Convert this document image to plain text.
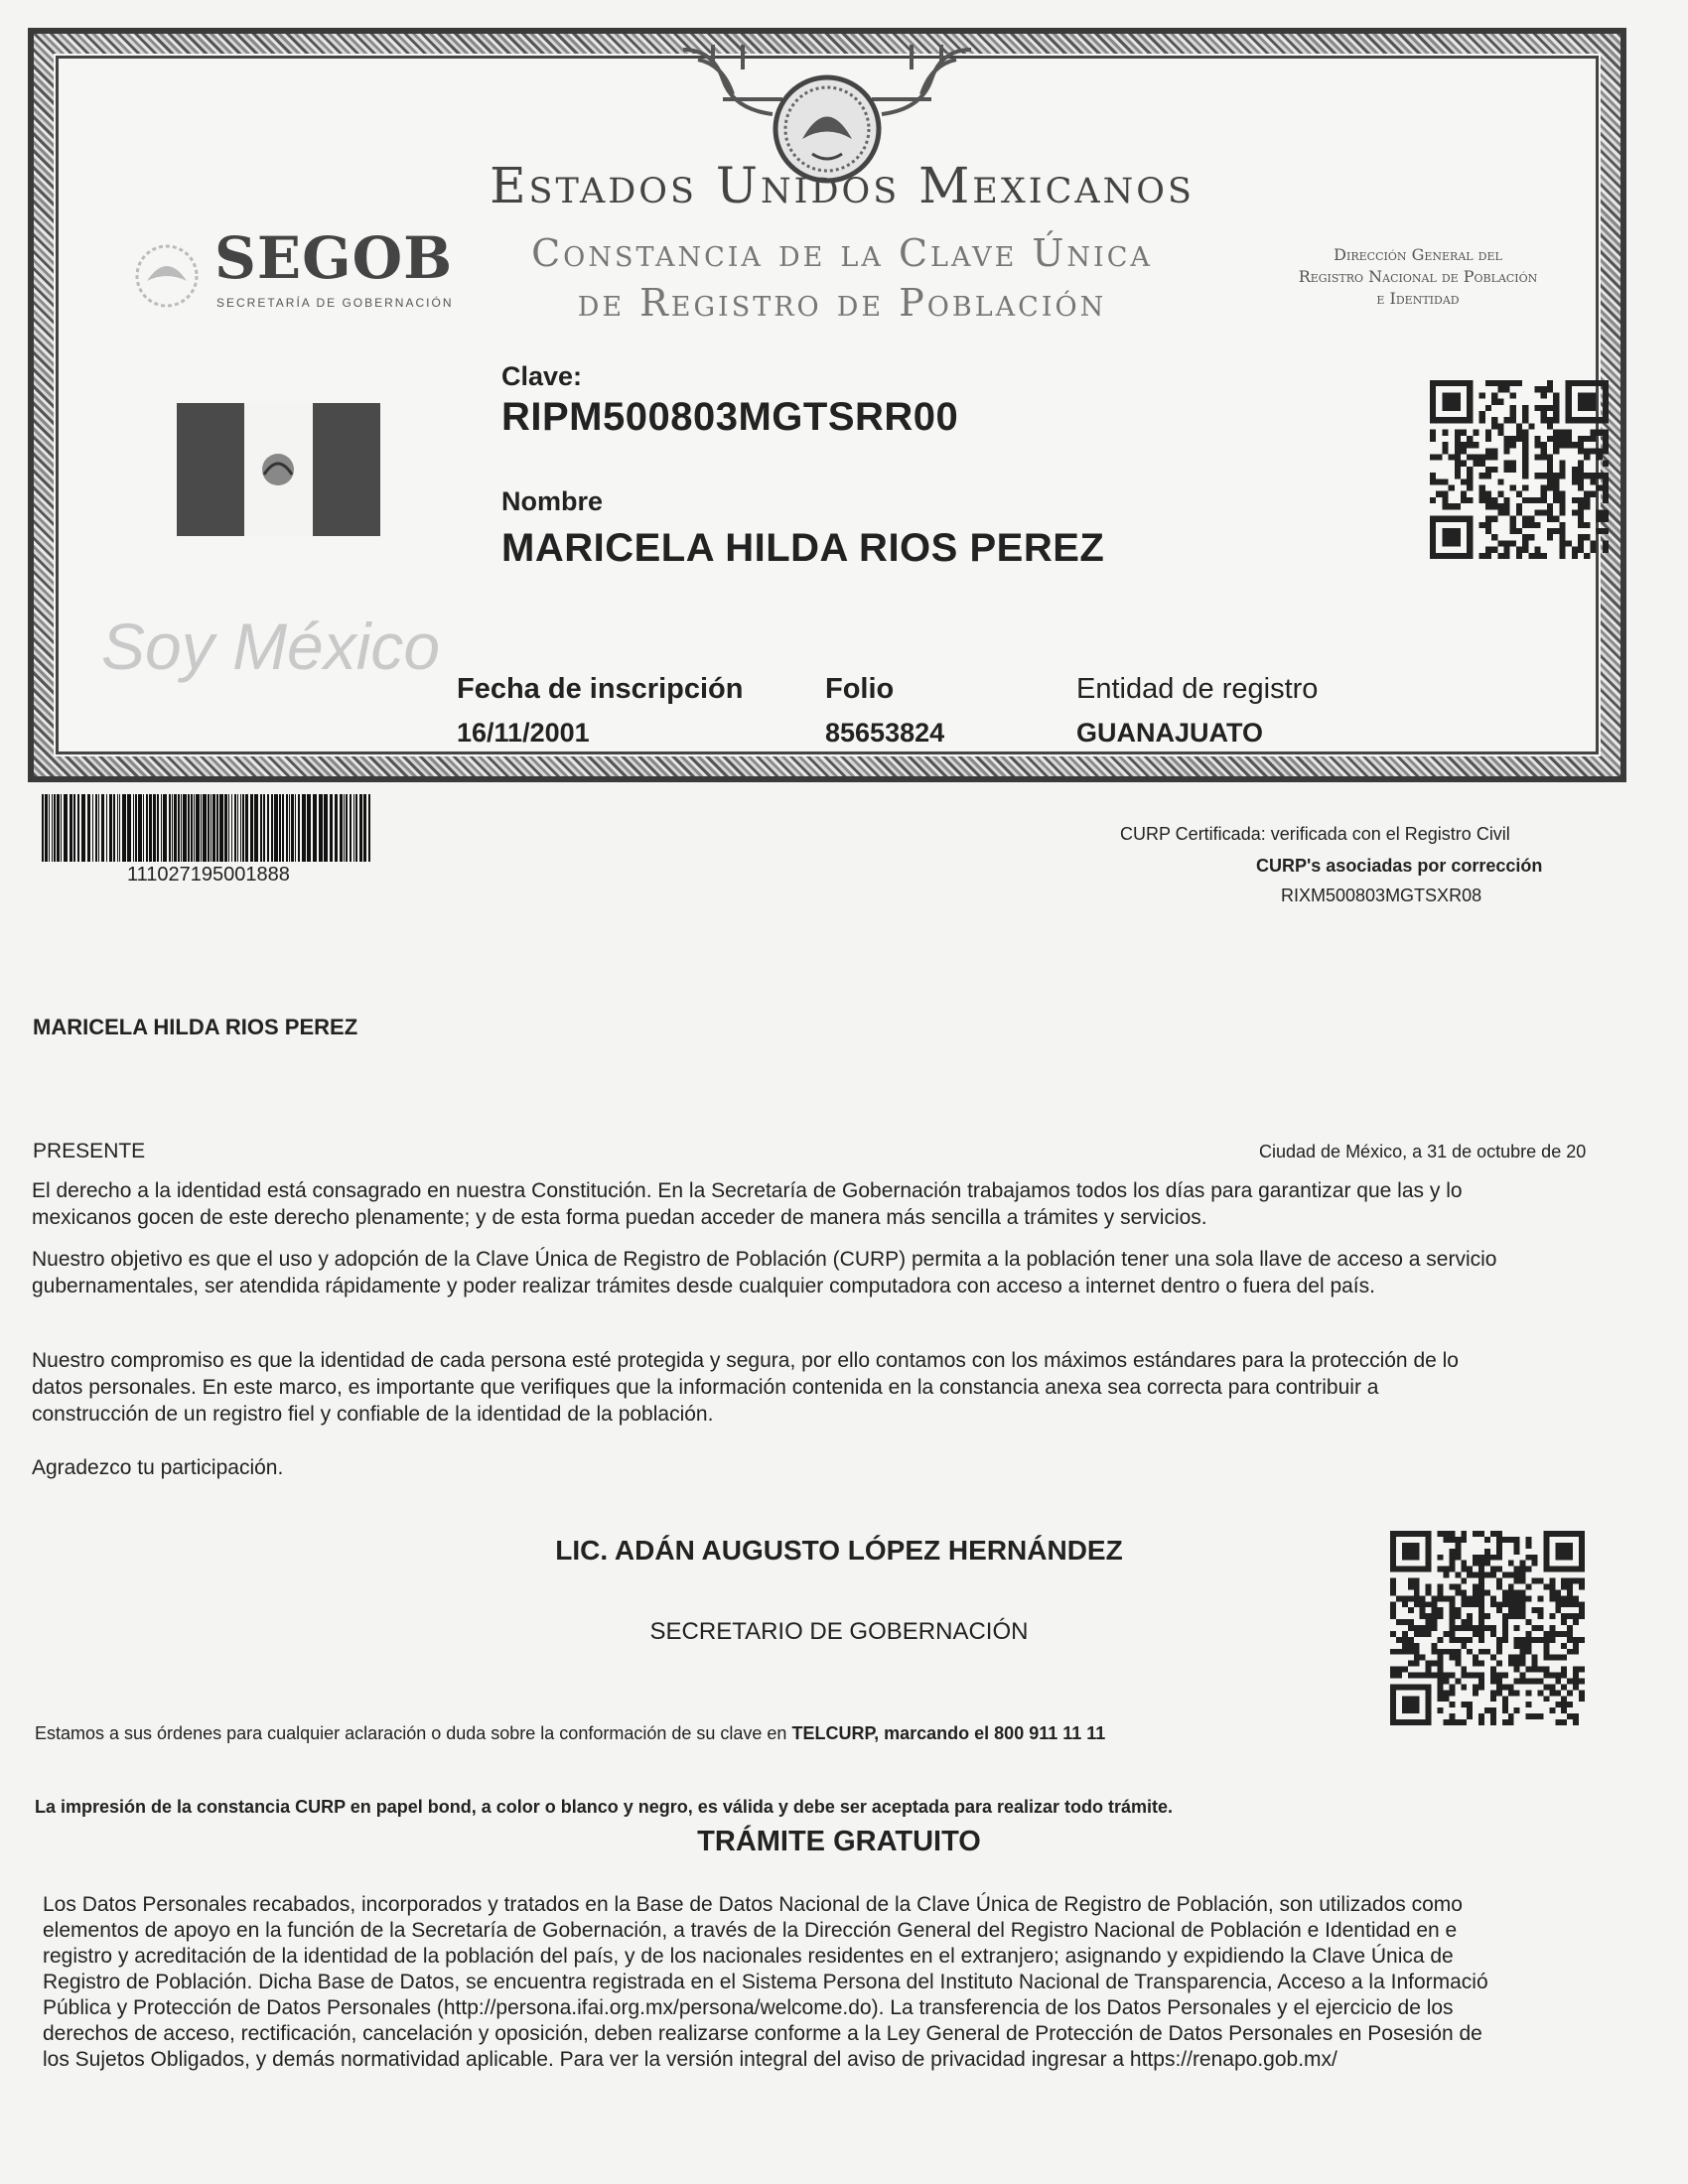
Estados Unidos Mexicanos
Constancia de la Clave Única
de Registro de Población
SEGOB
SECRETARÍA DE GOBERNACIÓN
Dirección General del
Registro Nacional de Población
e Identidad
Clave:
RIPM500803MGTSRR00
Nombre
MARICELA HILDA RIOS PEREZ
Soy México
Fecha de inscripción
16/11/2001
Folio
85653824
Entidad de registro
GUANAJUATO
111027195001888
CURP Certificada: verificada con el Registro Civil
CURP's asociadas por corrección
RIXM500803MGTSXR08
MARICELA HILDA RIOS PEREZ
PRESENTE	Ciudad de México, a 31 de octubre de 20
El derecho a la identidad está consagrado en nuestra Constitución. En la Secretaría de Gobernación trabajamos todos los días para garantizar que las y lo
mexicanos gocen de este derecho plenamente; y de esta forma puedan acceder de manera más sencilla a trámites y servicios.
Nuestro objetivo es que el uso y adopción de la Clave Única de Registro de Población (CURP) permita a la población tener una sola llave de acceso a servicio
gubernamentales, ser atendida rápidamente y poder realizar trámites desde cualquier computadora con acceso a internet dentro o fuera del país.
Nuestro compromiso es que la identidad de cada persona esté protegida y segura, por ello contamos con los máximos estándares para la protección de lo
datos personales. En este marco, es importante que verifiques que la información contenida en la constancia anexa sea correcta para contribuir a
construcción de un registro fiel y confiable de la identidad de la población.
Agradezco tu participación.
LIC. ADÁN AUGUSTO LÓPEZ HERNÁNDEZ
SECRETARIO DE GOBERNACIÓN
Estamos a sus órdenes para cualquier aclaración o duda sobre la conformación de su clave en TELCURP, marcando el 800 911 11 11
La impresión de la constancia CURP en papel bond, a color o blanco y negro, es válida y debe ser aceptada para realizar todo trámite.
TRÁMITE GRATUITO
Los Datos Personales recabados, incorporados y tratados en la Base de Datos Nacional de la Clave Única de Registro de Población, son utilizados como
elementos de apoyo en la función de la Secretaría de Gobernación, a través de la Dirección General del Registro Nacional de Población e Identidad en e
registro y acreditación de la identidad de la población del país, y de los nacionales residentes en el extranjero; asignando y expidiendo la Clave Única de
Registro de Población. Dicha Base de Datos, se encuentra registrada en el Sistema Persona del Instituto Nacional de Transparencia, Acceso a la Informació
Pública y Protección de Datos Personales (http://persona.ifai.org.mx/persona/welcome.do). La transferencia de los Datos Personales y el ejercicio de los
derechos de acceso, rectificación, cancelación y oposición, deben realizarse conforme a la Ley General de Protección de Datos Personales en Posesión de
los Sujetos Obligados, y demás normatividad aplicable. Para ver la versión integral del aviso de privacidad ingresar a https://renapo.gob.mx/
